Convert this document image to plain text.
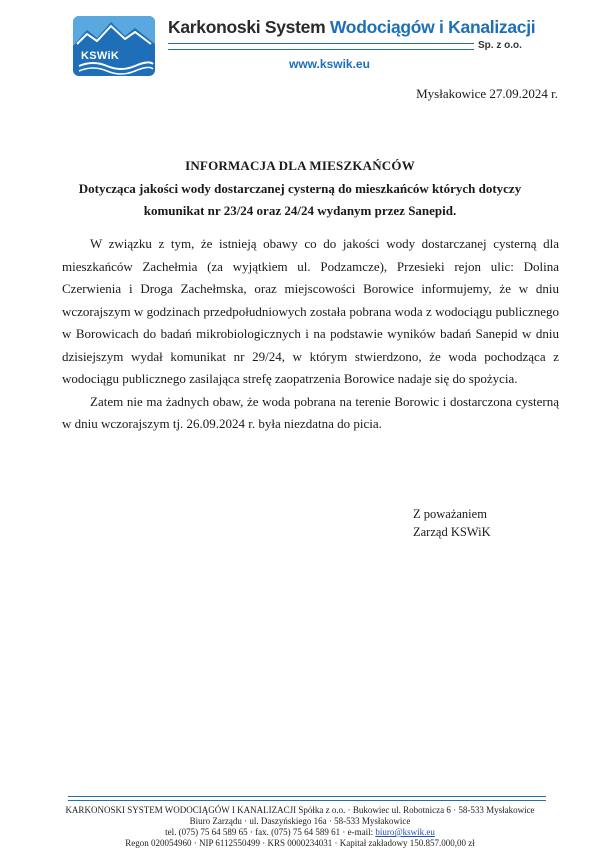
KSWiK
Karkonoski System Wodociągów i Kanalizacji
Sp. z o.o.
www.kswik.eu
Mysłakowice 27.09.2024 r.
INFORMACJA DLA MIESZKAŃCÓW
Dotycząca jakości wody dostarczanej cysterną do mieszkańców których dotyczy komunikat nr 23/24 oraz 24/24 wydanym przez Sanepid.

W związku z tym, że istnieją obawy co do jakości wody dostarczanej cysterną dla mieszkańców Zachełmia (za wyjątkiem ul. Podzamcze), Przesieki rejon ulic: Dolina Czerwienia i Droga Zachełmska, oraz miejscowości Borowice informujemy, że w dniu wczorajszym w godzinach przedpołudniowych została pobrana woda z wodociągu publicznego w Borowicach do badań mikrobiologicznych i na podstawie wyników badań Sanepid w dniu dzisiejszym wydał komunikat nr 29/24, w którym stwierdzono, że woda pochodząca z wodociągu publicznego zasilająca strefę zaopatrzenia Borowice nadaje się do spożycia.

Zatem nie ma żadnych obaw, że woda pobrana na terenie Borowic i dostarczona cysterną w dniu wczorajszym tj. 26.09.2024 r. była niezdatna do picia.

Z poważaniem
Zarząd KSWiK
KARKONOSKI SYSTEM WODOCIĄGÓW I KANALIZACJI Spółka z o.o. · Bukowiec ul. Robotnicza 6 · 58-533 Mysłakowice
Biuro Zarządu · ul. Daszyńskiego 16a · 58-533 Mysłakowice
tel. (075) 75 64 589 65 · fax. (075) 75 64 589 61 · e-mail: biuro@kswik.eu
Regon 020054960 · NIP 6112550499 · KRS 0000234031 · Kapitał zakładowy 150.857.000,00 zł
